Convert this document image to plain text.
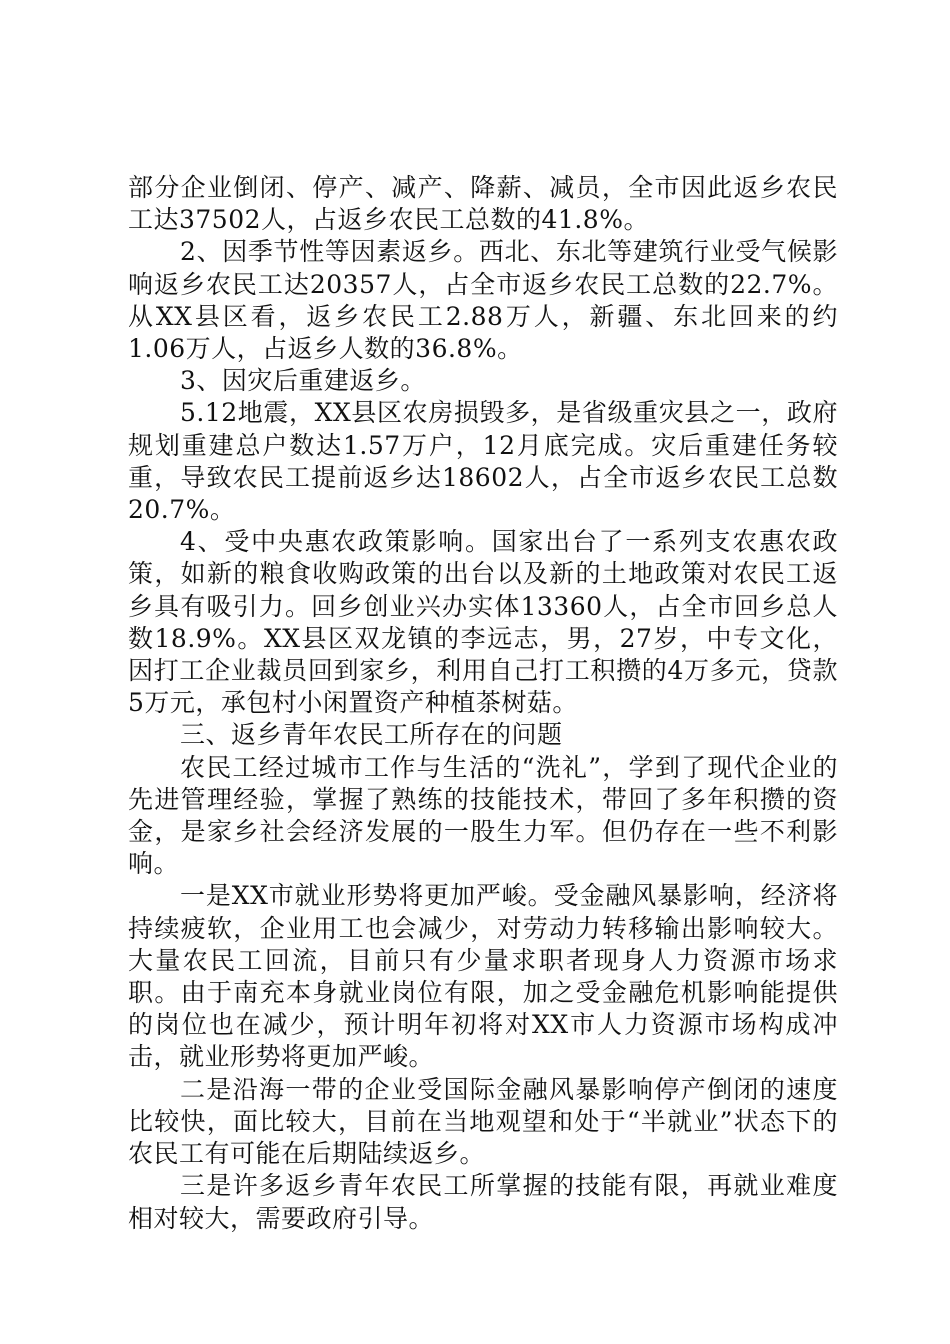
部分企业倒闭、停产、减产、降薪、减员，全市因此返乡农民工达37502人，占返乡农民工总数的41.8%。

2、因季节性等因素返乡。西北、东北等建筑行业受气候影响返乡农民工达20357人，占全市返乡农民工总数的22.7%。从XX县区看，返乡农民工2.88万人，新疆、东北回来的约1.06万人，占返乡人数的36.8%。

3、因灾后重建返乡。

5.12地震，XX县区农房损毁多，是省级重灾县之一，政府规划重建总户数达1.57万户，12月底完成。灾后重建任务较重，导致农民工提前返乡达18602人，占全市返乡农民工总数20.7%。

4、受中央惠农政策影响。国家出台了一系列支农惠农政策，如新的粮食收购政策的出台以及新的土地政策对农民工返乡具有吸引力。回乡创业兴办实体13360人，占全市回乡总人数18.9%。XX县区双龙镇的李远志，男，27岁，中专文化，因打工企业裁员回到家乡，利用自己打工积攒的4万多元，贷款5万元，承包村小闲置资产种植茶树菇。

三、返乡青年农民工所存在的问题

农民工经过城市工作与生活的“洗礼”，学到了现代企业的先进管理经验，掌握了熟练的技能技术，带回了多年积攒的资金，是家乡社会经济发展的一股生力军。但仍存在一些不利影响。

一是XX市就业形势将更加严峻。受金融风暴影响，经济将持续疲软，企业用工也会减少，对劳动力转移输出影响较大。大量农民工回流，目前只有少量求职者现身人力资源市场求职。由于南充本身就业岗位有限，加之受金融危机影响能提供的岗位也在减少，预计明年初将对XX市人力资源市场构成冲击，就业形势将更加严峻。

二是沿海一带的企业受国际金融风暴影响停产倒闭的速度比较快，面比较大，目前在当地观望和处于“半就业”状态下的农民工有可能在后期陆续返乡。

三是许多返乡青年农民工所掌握的技能有限，再就业难度相对较大，需要政府引导。
